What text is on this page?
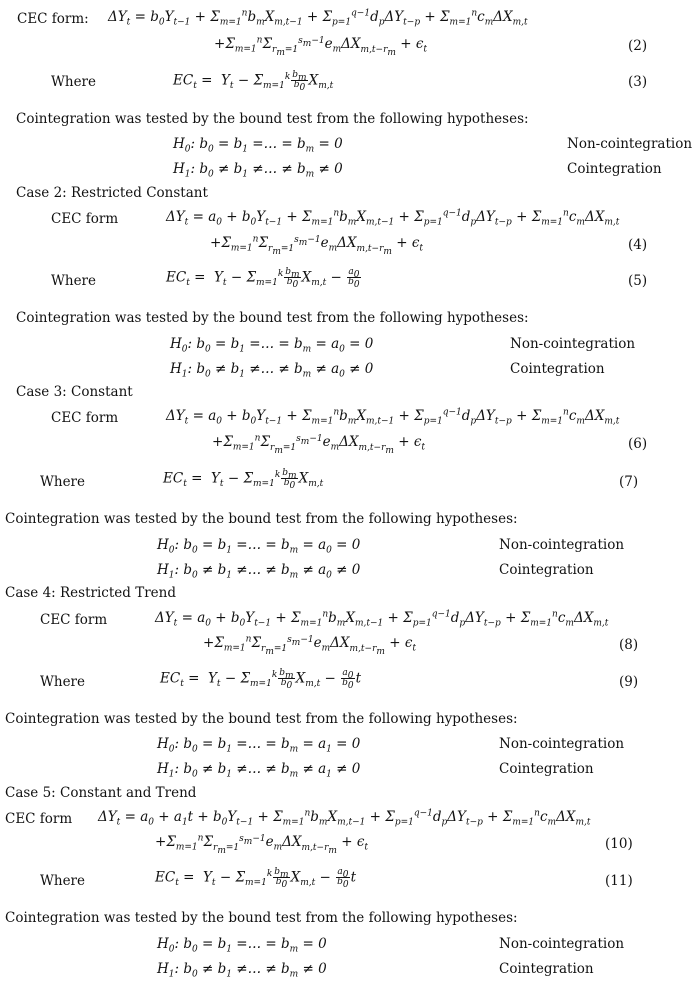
CEC form: $\Delta Y_t = b_0Y_{t-1} + \Sigma_{m=1}^nb_mX_{m,t-1} + \Sigma_{p=1}^{q-1}d_p\Delta Y_{t-p} + \Sigma_{m=1}^nc_m\Delta X_{m,t}$
$+\Sigma_{m=1}^n\Sigma_{r_m=1}^{s_m-1}e_m\Delta X_{m,t-r_m} + \epsilon_t$	(2)
Where	$EC_t = Y_t - \Sigma_{m=1}^k \frac{b_m}{b_0} X_{m,t}$	(3)
Cointegration was tested by the bound test from the following hypotheses:
$H_0$: $b_0 = b_1$ =… = $b_m = 0$	Non-cointegration
$H_1$: $b_0 \ne b_1$ ≠… ≠ $b_m \ne 0$	Cointegration
Case 2: Restricted Constant
CEC form	$\Delta Y_t = a_0 + b_0Y_{t-1} + \Sigma_{m=1}^nb_mX_{m,t-1} + \Sigma_{p=1}^{q-1}d_p\Delta Y_{t-p} + \Sigma_{m=1}^nc_m\Delta X_{m,t}$
$+\Sigma_{m=1}^n\Sigma_{r_m=1}^{s_m-1}e_m\Delta X_{m,t-r_m} + \epsilon_t$	(4)
Where	$EC_t = Y_t - \Sigma_{m=1}^k \frac{b_m}{b_0} X_{m,t} - \frac{a_0}{b_0}$	(5)
Cointegration was tested by the bound test from the following hypotheses:
$H_0$: $b_0 = b_1$ =… = $b_m = a_0 = 0$	Non-cointegration
$H_1$: $b_0 \ne b_1$ ≠… ≠ $b_m \ne a_0 \ne 0$	Cointegration
Case 3: Constant
CEC form	$\Delta Y_t = a_0 + b_0Y_{t-1} + \Sigma_{m=1}^nb_mX_{m,t-1} + \Sigma_{p=1}^{q-1}d_p\Delta Y_{t-p} + \Sigma_{m=1}^nc_m\Delta X_{m,t}$
$+\Sigma_{m=1}^n\Sigma_{r_m=1}^{s_m-1}e_m\Delta X_{m,t-r_m} + \epsilon_t$	(6)
Where	$EC_t = Y_t - \Sigma_{m=1}^k \frac{b_m}{b_0} X_{m,t}$	(7)
Cointegration was tested by the bound test from the following hypotheses:
$H_0$: $b_0 = b_1$ =… = $b_m = a_0 = 0$	Non-cointegration
$H_1$: $b_0 \ne b_1$ ≠… ≠ $b_m \ne a_0 \ne 0$	Cointegration
Case 4: Restricted Trend
CEC form	$\Delta Y_t = a_0 + b_0Y_{t-1} + \Sigma_{m=1}^nb_mX_{m,t-1} + \Sigma_{p=1}^{q-1}d_p\Delta Y_{t-p} + \Sigma_{m=1}^nc_m\Delta X_{m,t}$
$+\Sigma_{m=1}^n\Sigma_{r_m=1}^{s_m-1}e_m\Delta X_{m,t-r_m} + \epsilon_t$	(8)
Where	$EC_t = Y_t - \Sigma_{m=1}^k \frac{b_m}{b_0} X_{m,t} - \frac{a_0}{b_0}$ t	(9)
Cointegration was tested by the bound test from the following hypotheses:
$H_0$: $b_0 = b_1$ =… = $b_m = a_1 = 0$	Non-cointegration
$H_1$: $b_0 \ne b_1$ ≠… ≠ $b_m \ne a_1 \ne 0$	Cointegration
Case 5: Constant and Trend
CEC form $\Delta Y_t = a_0 + a_1t + b_0Y_{t-1} + \Sigma_{m=1}^nb_mX_{m,t-1} + \Sigma_{p=1}^{q-1}d_p\Delta Y_{t-p} + \Sigma_{m=1}^nc_m\Delta X_{m,t}$
$+\Sigma_{m=1}^n\Sigma_{r_m=1}^{s_m-1}e_m\Delta X_{m,t-r_m} + \epsilon_t$	(10)
Where	$EC_t = Y_t - \Sigma_{m=1}^k \frac{b_m}{b_0} X_{m,t} - \frac{a_0}{b_0}$ t	(11)
Cointegration was tested by the bound test from the following hypotheses:
$H_0$: $b_0 = b_1$ =… = $b_m = 0$	Non-cointegration
$H_1$: $b_0 \ne b_1$ ≠… ≠ $b_m \ne 0$	Cointegration
